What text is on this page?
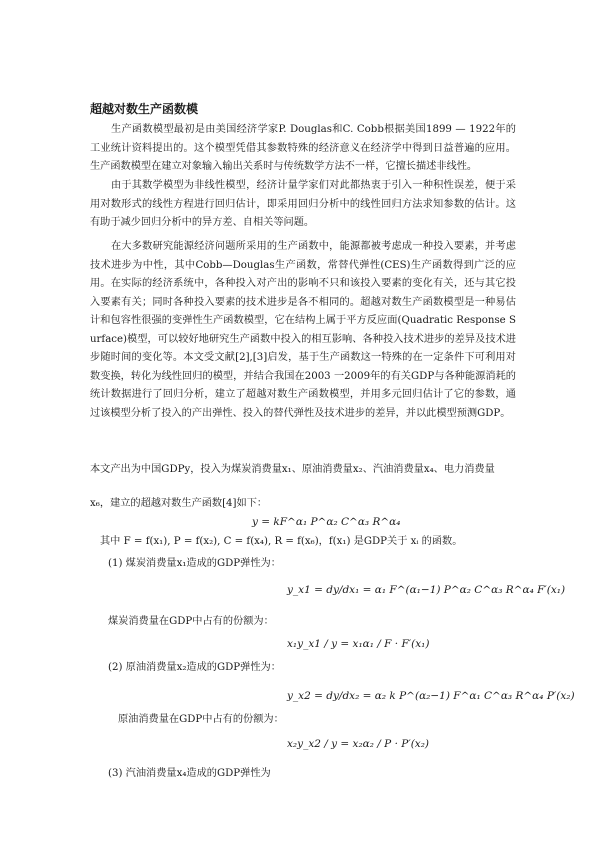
超越对数生产函数模
生产函数模型最初是由美国经济学家P. Douglas和C. Cobb根据美国1899 — 1922年的工业统计资料提出的。这个模型凭借其参数特殊的经济意义在经济学中得到日益普遍的应用。生产函数模型在建立对象输入输出关系时与传统数学方法不一样，它擅长描述非线性。
由于其数学模型为非线性模型，经济计量学家们对此都热衷于引入一种积性误差，便于采用对数形式的线性方程进行回归估计，即采用回归分析中的线性回归方法求知参数的估计。这有助于减少回归分析中的异方差、自相关等问题。
在大多数研究能源经济问题所采用的生产函数中，能源都被考虑成一种投入要素，并考虑技术进步为中性，其中Cobb—Douglas生产函数，常替代弹性(CES)生产函数得到广泛的应用。在实际的经济系统中，各种投入对产出的影响不只和该投入要素的变化有关，还与其它投入要素有关；同时各种投入要素的技术进步是各不相同的。超越对数生产函数模型是一种易估计和包容性很强的变弹性生产函数模型，它在结构上属于平方反应面(Quadratic Response Surface)模型，可以较好地研究生产函数中投入的相互影响、各种投入技术进步的差异及技术进步随时间的变化等。本文受文献[2],[3]启发，基于生产函数这一特殊的在一定条件下可利用对数变换，转化为线性回归的模型，并结合我国在2003 一2009年的有关GDP与各种能源消耗的统计数据进行了回归分析，建立了超越对数生产函数模型，并用多元回归估计了它的参数，通过该模型分析了投入的产出弹性、投入的替代弹性及技术进步的差异，并以此模型预测GDP。
本文产出为中国GDPy，投入为煤炭消费量x₁、原油消费量x₂、汽油消费量x₄、电力消费量
x₆，建立的超越对数生产函数[4]如下：
y = kF^α₁ P^α₂ C^α₃ R^α₄
其中 F = f(x₁), P = f(x₂), C = f(x₄), R = f(x₆)，f(x₁) 是GDP关于 xᵢ 的函数。
(1) 煤炭消费量x₁造成的GDP弹性为：
y_x1 = dy/dx₁ = α₁ F^(α₁−1) P^α₂ C^α₃ R^α₄ F′(x₁)
煤炭消费量在GDP中占有的份额为：
x₁y_x1 / y = x₁α₁ / F · F′(x₁)
(2) 原油消费量x₂造成的GDP弹性为：
y_x2 = dy/dx₂ = α₂ k P^(α₂−1) F^α₁ C^α₃ R^α₄ P′(x₂)
原油消费量在GDP中占有的份额为：
x₂y_x2 / y = x₂α₂ / P · P′(x₂)
(3) 汽油消费量x₄造成的GDP弹性为
